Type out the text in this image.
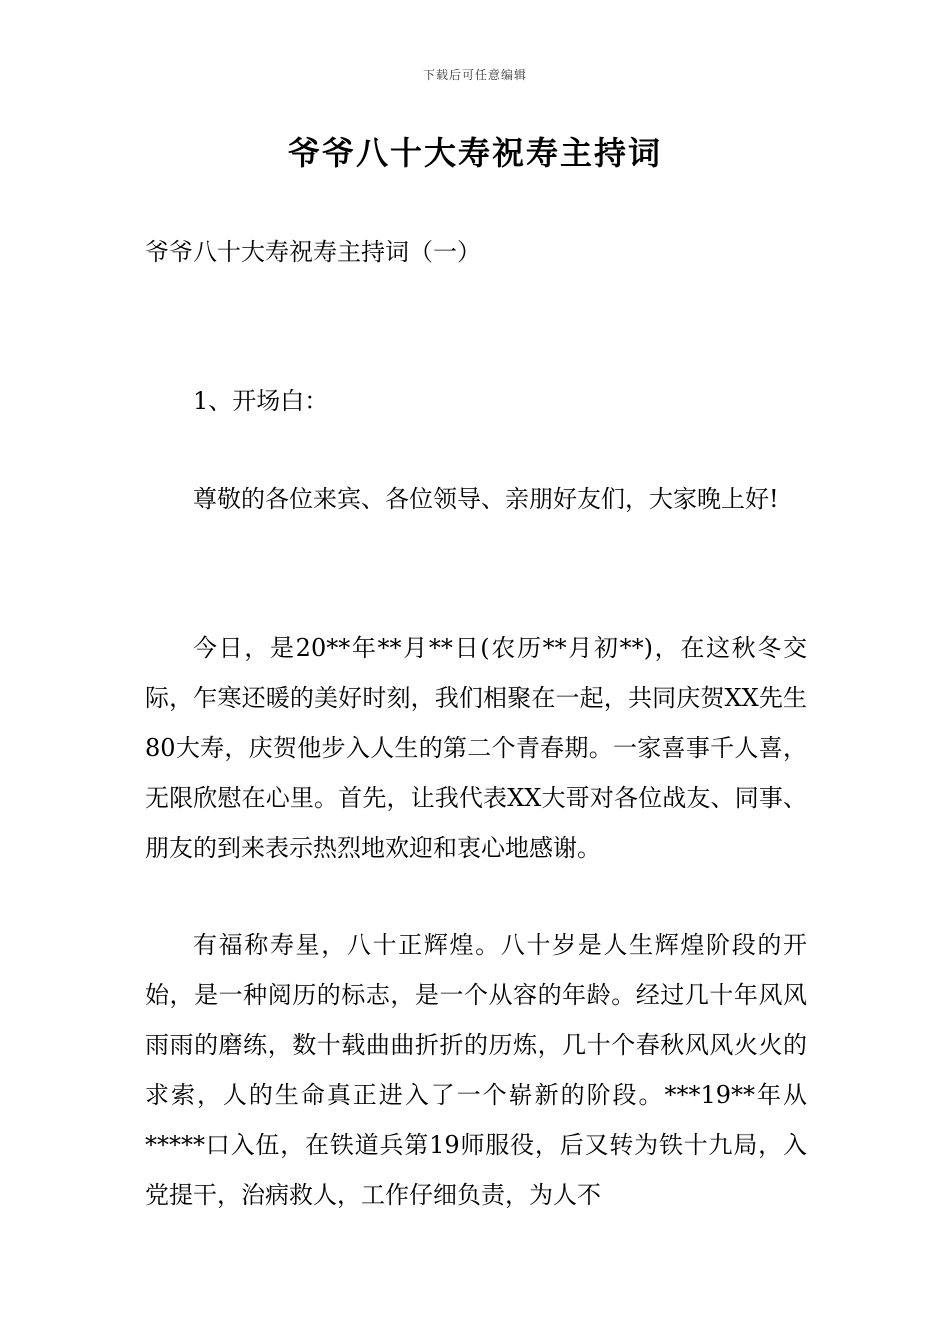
下载后可任意编辑
爷爷八十大寿祝寿主持词
爷爷八十大寿祝寿主持词（一）

1、开场白：

尊敬的各位来宾、各位领导、亲朋好友们，大家晚上好!

今日，是20**年**月**日(农历**月初**)，在这秋冬交际，乍寒还暖的美好时刻，我们相聚在一起，共同庆贺XX先生80大寿，庆贺他步入人生的第二个青春期。一家喜事千人喜，无限欣慰在心里。首先，让我代表XX大哥对各位战友、同事、朋友的到来表示热烈地欢迎和衷心地感谢。

有福称寿星，八十正辉煌。八十岁是人生辉煌阶段的开始，是一种阅历的标志，是一个从容的年龄。经过几十年风风雨雨的磨练，数十载曲曲折折的历炼，几十个春秋风风火火的求索，人的生命真正进入了一个崭新的阶段。***19**年从*****口入伍，在铁道兵第19师服役，后又转为铁十九局，入党提干，治病救人，工作仔细负责，为人不
